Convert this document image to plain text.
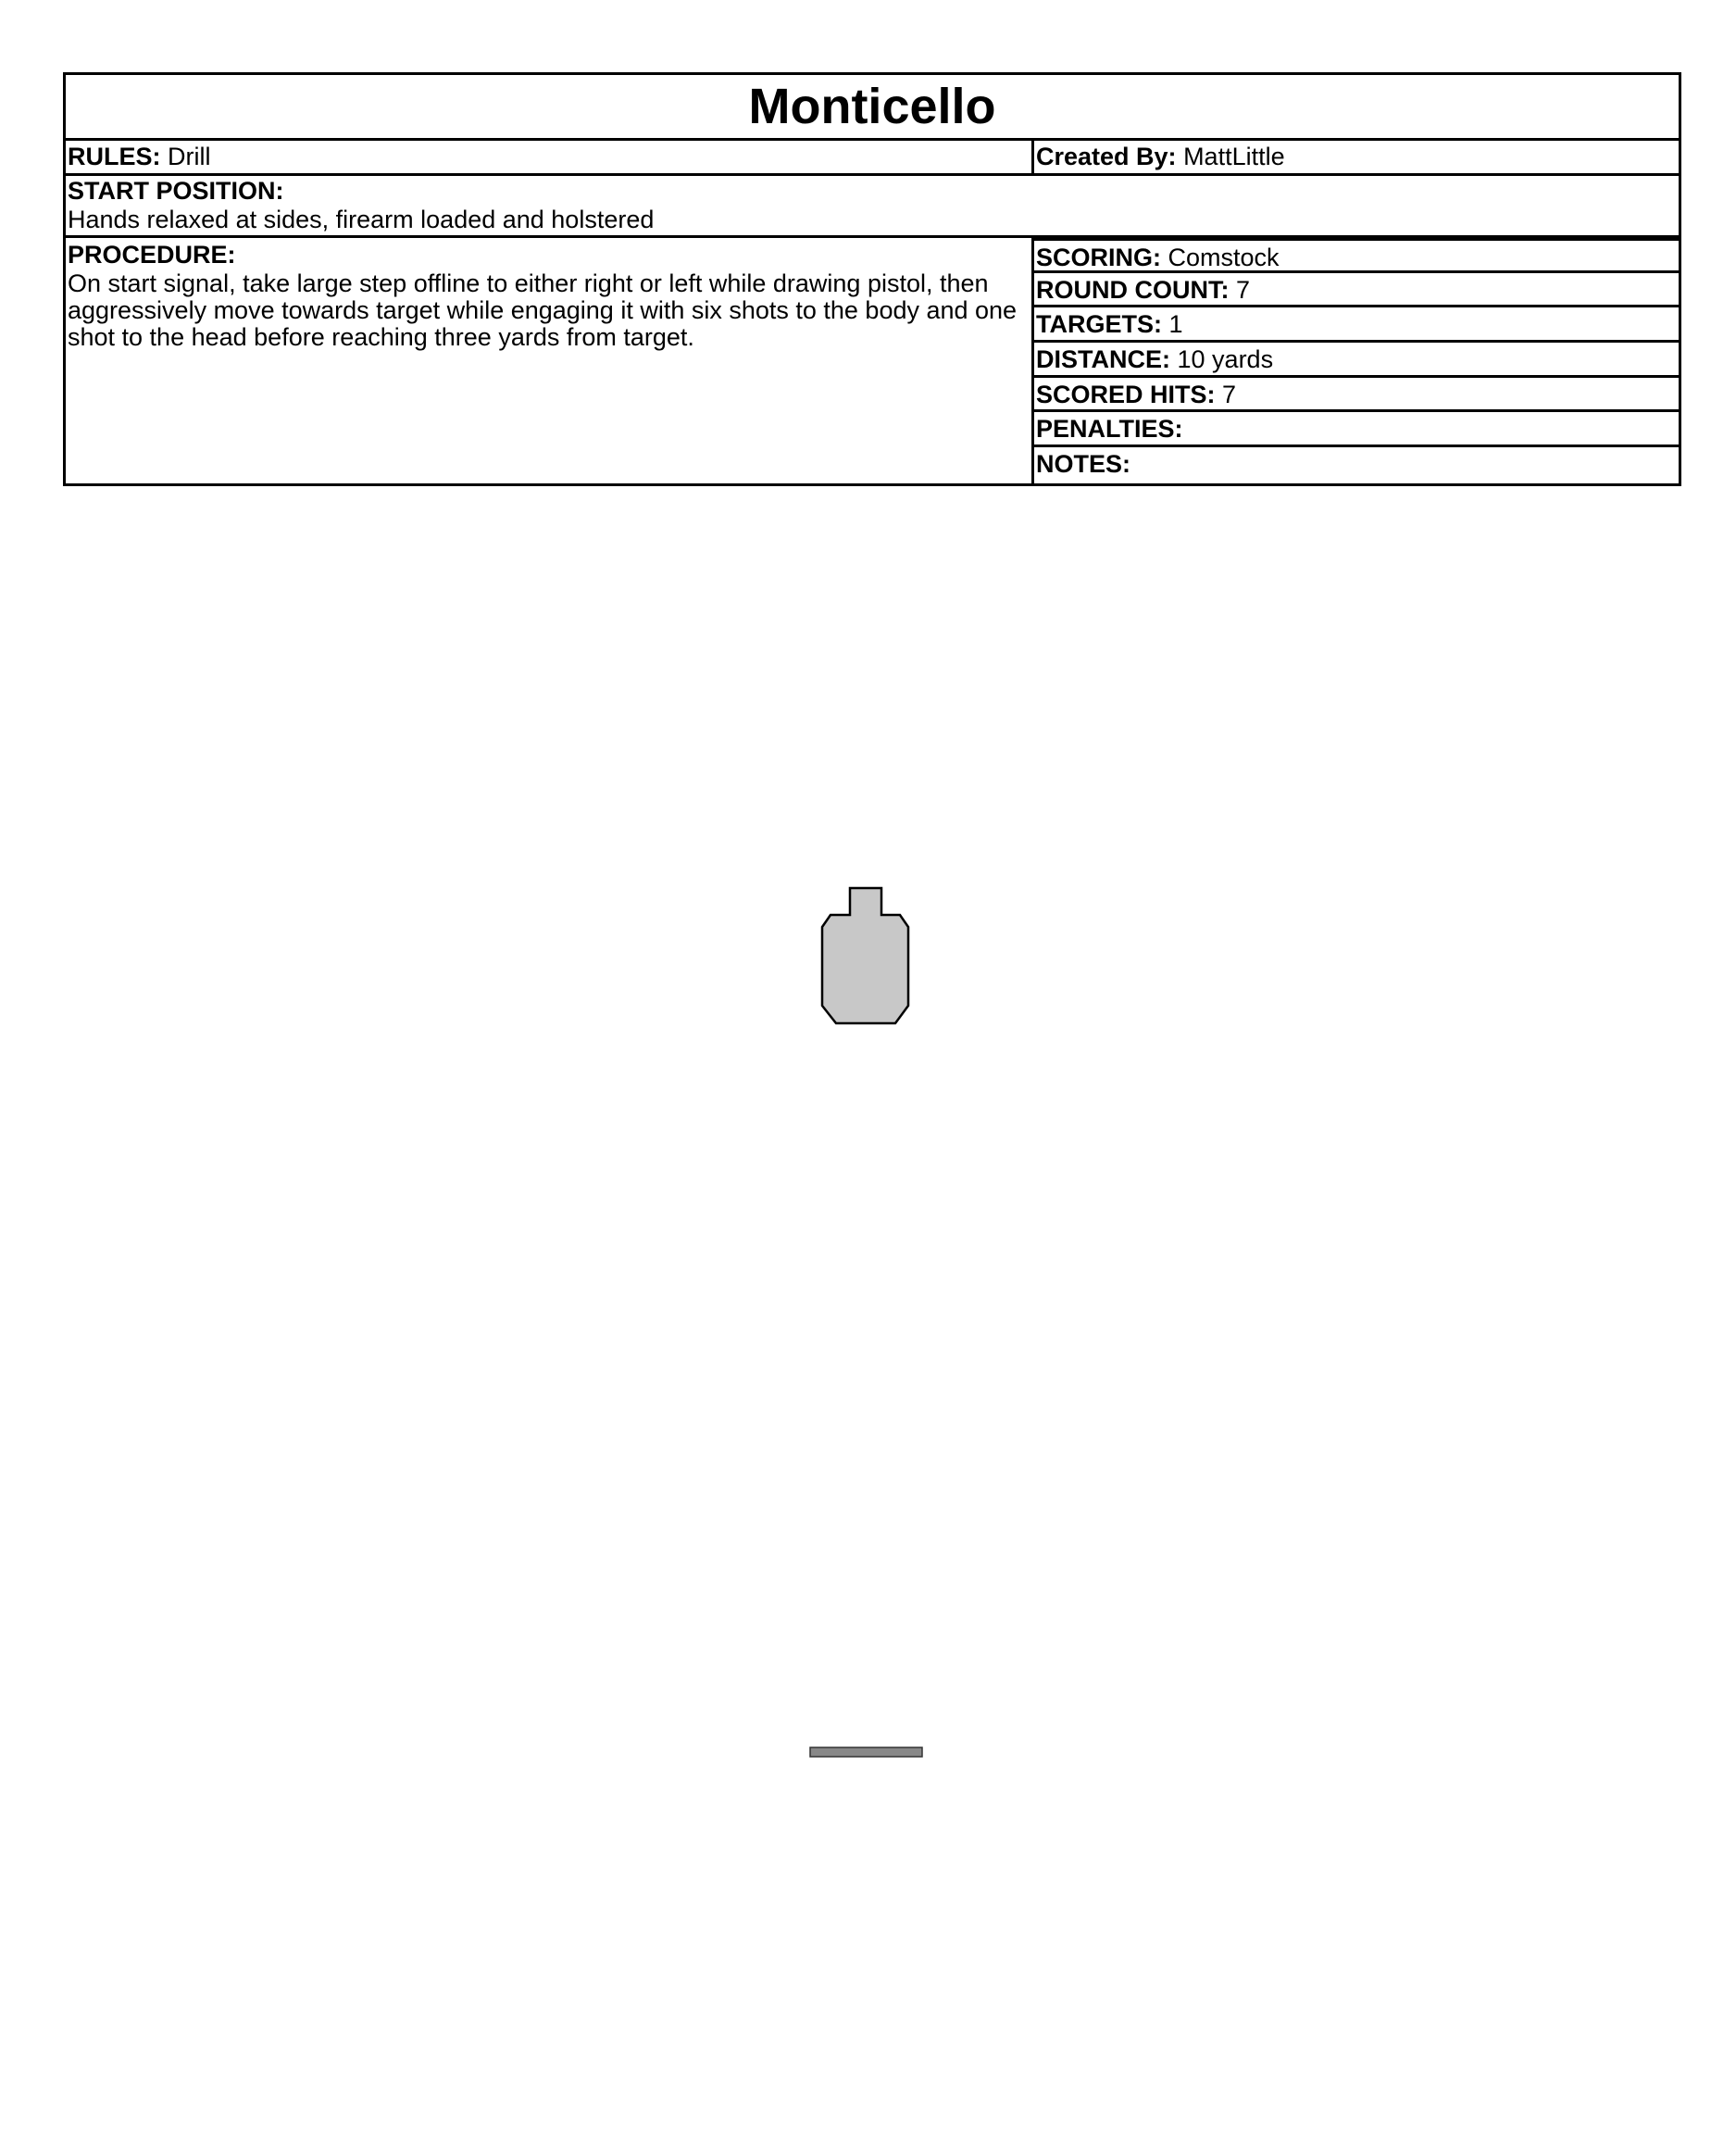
Monticello
RULES: Drill	Created By: MattLittle
START POSITION:
Hands relaxed at sides, firearm loaded and holstered
PROCEDURE:
On start signal, take large step offline to either right or left while drawing pistol, then aggressively move towards target while engaging it with six shots to the body and one shot to the head before reaching three yards from target.
SCORING: Comstock
ROUND COUNT: 7
TARGETS: 1
DISTANCE: 10 yards
SCORED HITS: 7
PENALTIES:
NOTES:
